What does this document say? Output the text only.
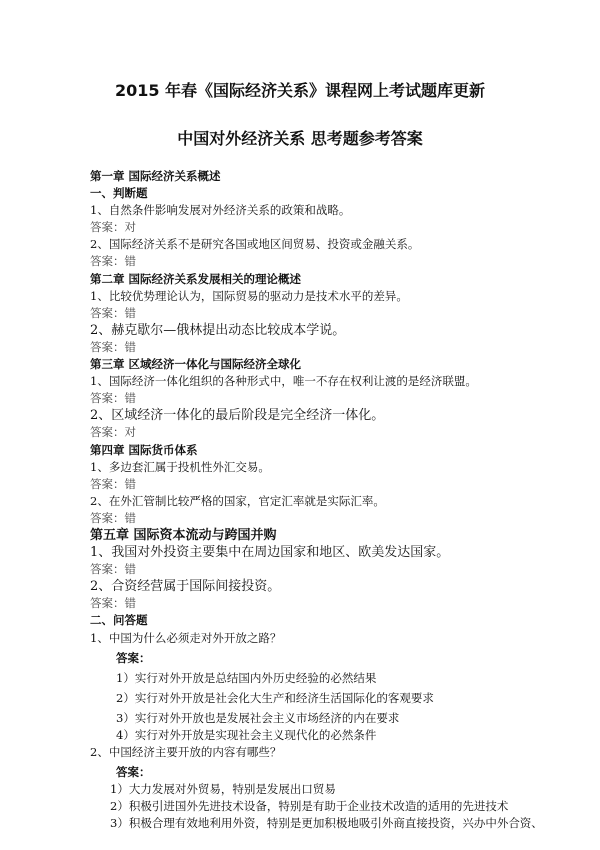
2015 年春《国际经济关系》课程网上考试题库更新
中国对外经济关系 思考题参考答案
第一章 国际经济关系概述
一、判断题
1、自然条件影响发展对外经济关系的政策和战略。
答案：对
2、国际经济关系不是研究各国或地区间贸易、投资或金融关系。
答案：错
第二章 国际经济关系发展相关的理论概述
1、比较优势理论认为，国际贸易的驱动力是技术水平的差异。
答案：错
2、赫克歇尔—俄林提出动态比较成本学说。
答案：错
第三章 区域经济一体化与国际经济全球化
1、国际经济一体化组织的各种形式中，唯一不存在权利让渡的是经济联盟。
答案：错
2、区域经济一体化的最后阶段是完全经济一体化。
答案：对
第四章 国际货币体系
1、多边套汇属于投机性外汇交易。
答案：错
2、在外汇管制比较严格的国家，官定汇率就是实际汇率。
答案：错
第五章 国际资本流动与跨国并购
1、我国对外投资主要集中在周边国家和地区、欧美发达国家。
答案：错
2、合资经营属于国际间接投资。
答案：错
二、问答题
1、中国为什么必须走对外开放之路？
答案：
1）实行对外开放是总结国内外历史经验的必然结果
2）实行对外开放是社会化大生产和经济生活国际化的客观要求
3）实行对外开放也是发展社会主义市场经济的内在要求
4）实行对外开放是实现社会主义现代化的必然条件
2、中国经济主要开放的内容有哪些？
答案：
1）大力发展对外贸易，特别是发展出口贸易
2）积极引进国外先进技术设备，特别是有助于企业技术改造的适用的先进技术
3）积极合理有效地利用外资，特别是更加积极地吸引外商直接投资，兴办中外合资、
